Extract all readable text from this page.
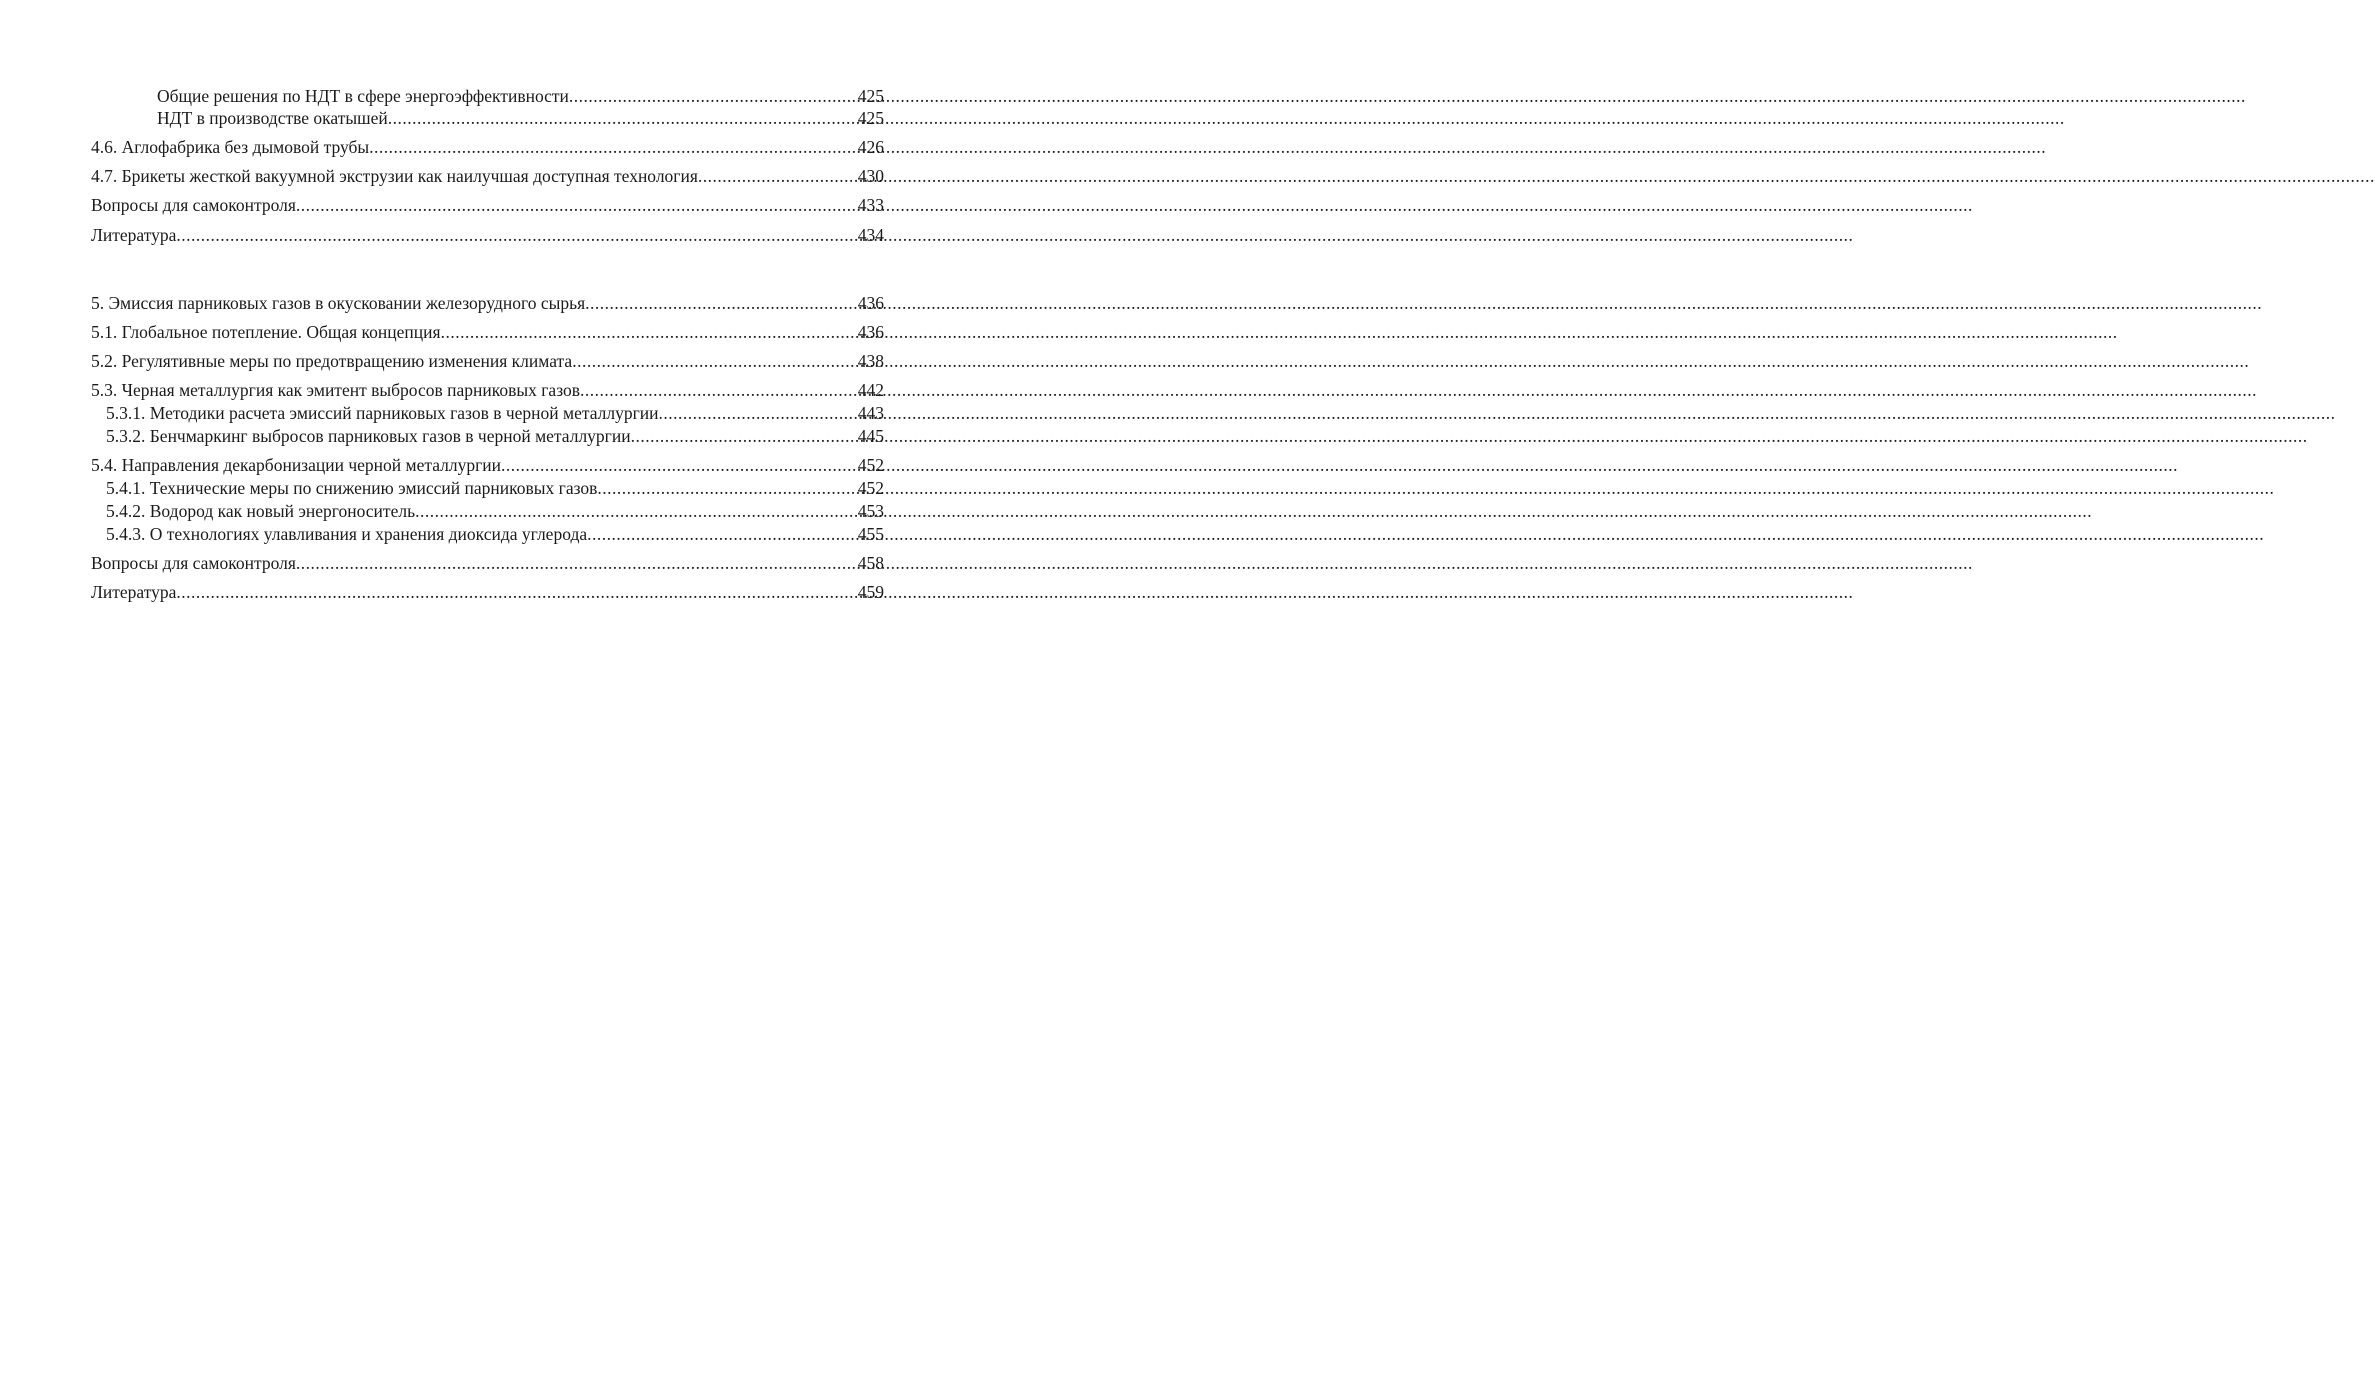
Общие решения по НДТ в сфере энергоэффективности .....	425
НДТ в производстве окатышей .....	425
4.6. Аглофабрика без дымовой трубы .....	426
4.7. Брикеты жесткой вакуумной экструзии как наилучшая доступная технология .....	430
Вопросы для самоконтроля .....	433
Литература .....	434
5. Эмиссия парниковых газов в окусковании железорудного сырья .....	436
5.1. Глобальное потепление. Общая концепция .....	436
5.2. Регулятивные меры по предотвращению изменения климата .....	438
5.3. Черная металлургия как эмитент выбросов парниковых газов .....	442
5.3.1. Методики расчета эмиссий парниковых газов в черной металлургии .....	443
5.3.2. Бенчмаркинг выбросов парниковых газов в черной металлургии .....	445
5.4. Направления декарбонизации черной металлургии .....	452
5.4.1. Технические меры по снижению эмиссий парниковых газов .....	452
5.4.2. Водород как новый энергоноситель .....	453
5.4.3. О технологиях улавливания и хранения диоксида углерода .....	455
Вопросы для самоконтроля .....	458
Литература .....	459
